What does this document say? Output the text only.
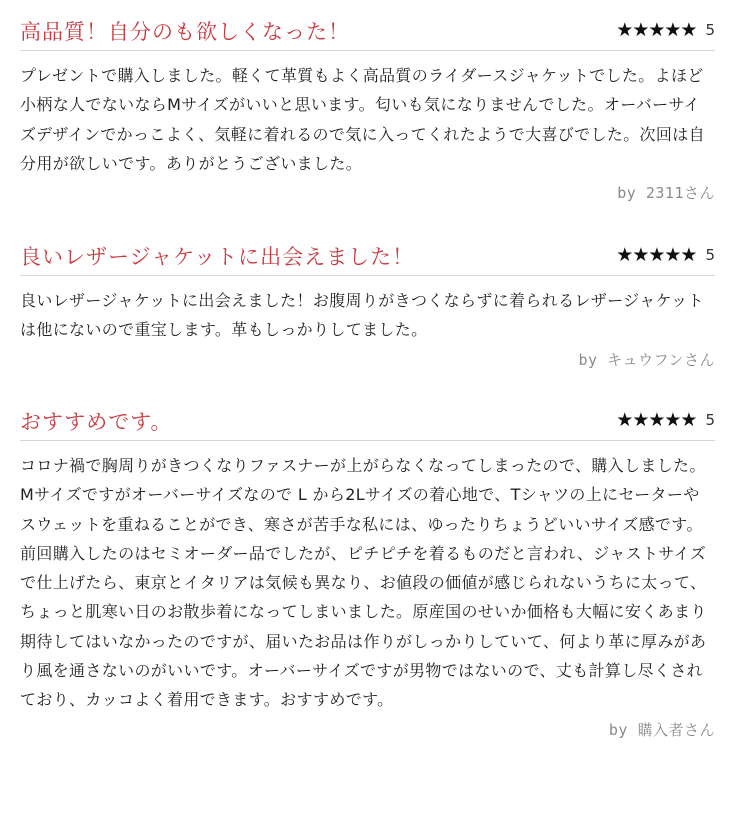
高品質！自分のも欲しくなった！	★★★★★ 5
プレゼントで購入しました。軽くて革質もよく高品質のライダースジャケットでした。よほど小柄な人でないならMサイズがいいと思います。匂いも気になりませんでした。オーバーサイズデザインでかっこよく、気軽に着れるので気に入ってくれたようで大喜びでした。次回は自分用が欲しいです。ありがとうございました。
by 2311さん
良いレザージャケットに出会えました！	★★★★★ 5
良いレザージャケットに出会えました！お腹周りがきつくならずに着られるレザージャケットは他にないので重宝します。革もしっかりしてました。
by キュウフンさん
おすすめです。	★★★★★ 5
コロナ禍で胸周りがきつくなりファスナーが上がらなくなってしまったので、購入しました。Mサイズですがオーバーサイズなので L から2Lサイズの着心地で、Tシャツの上にセーターやスウェットを重ねることができ、寒さが苦手な私には、ゆったりちょうどいいサイズ感です。前回購入したのはセミオーダー品でしたが、ピチピチを着るものだと言われ、ジャストサイズで仕上げたら、東京とイタリアは気候も異なり、お値段の価値が感じられないうちに太って、ちょっと肌寒い日のお散歩着になってしまいました。原産国のせいか価格も大幅に安くあまり期待してはいなかったのですが、届いたお品は作りがしっかりしていて、何より革に厚みがあり風を通さないのがいいです。オーバーサイズですが男物ではないので、丈も計算し尽くされており、カッコよく着用できます。おすすめです。
by 購入者さん
